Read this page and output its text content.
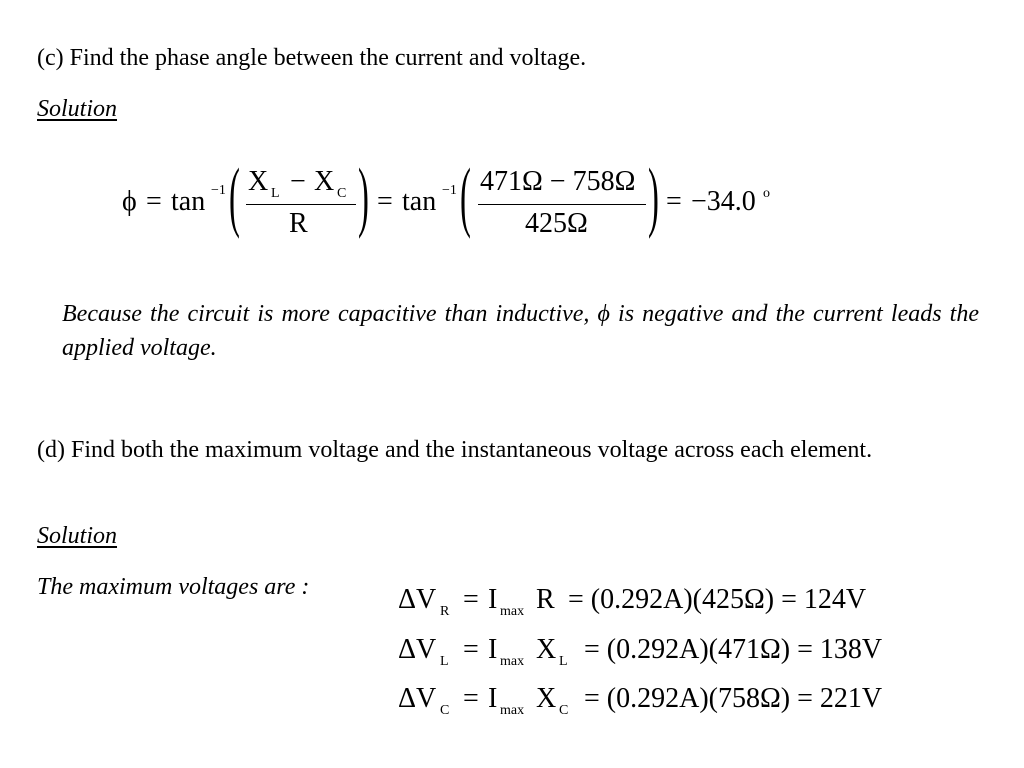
(c) Find the phase angle between the current and voltage.
Solution
ϕ = tan −1 ( X L − X C
R ) = tan −1 ( 471Ω − 758Ω
425Ω ) = −34.0 o
Because the circuit is more capacitive than inductive, ϕ is negative and the current leads the applied voltage.
(d) Find both the maximum voltage and the instantaneous voltage across each element.
Solution
The maximum voltages are :	ΔV R = I max R = (0.292A)(425Ω) = 124V
ΔV L = I max X L = (0.292A)(471Ω) = 138V
ΔV C = I max X C = (0.292A)(758Ω) = 221V
